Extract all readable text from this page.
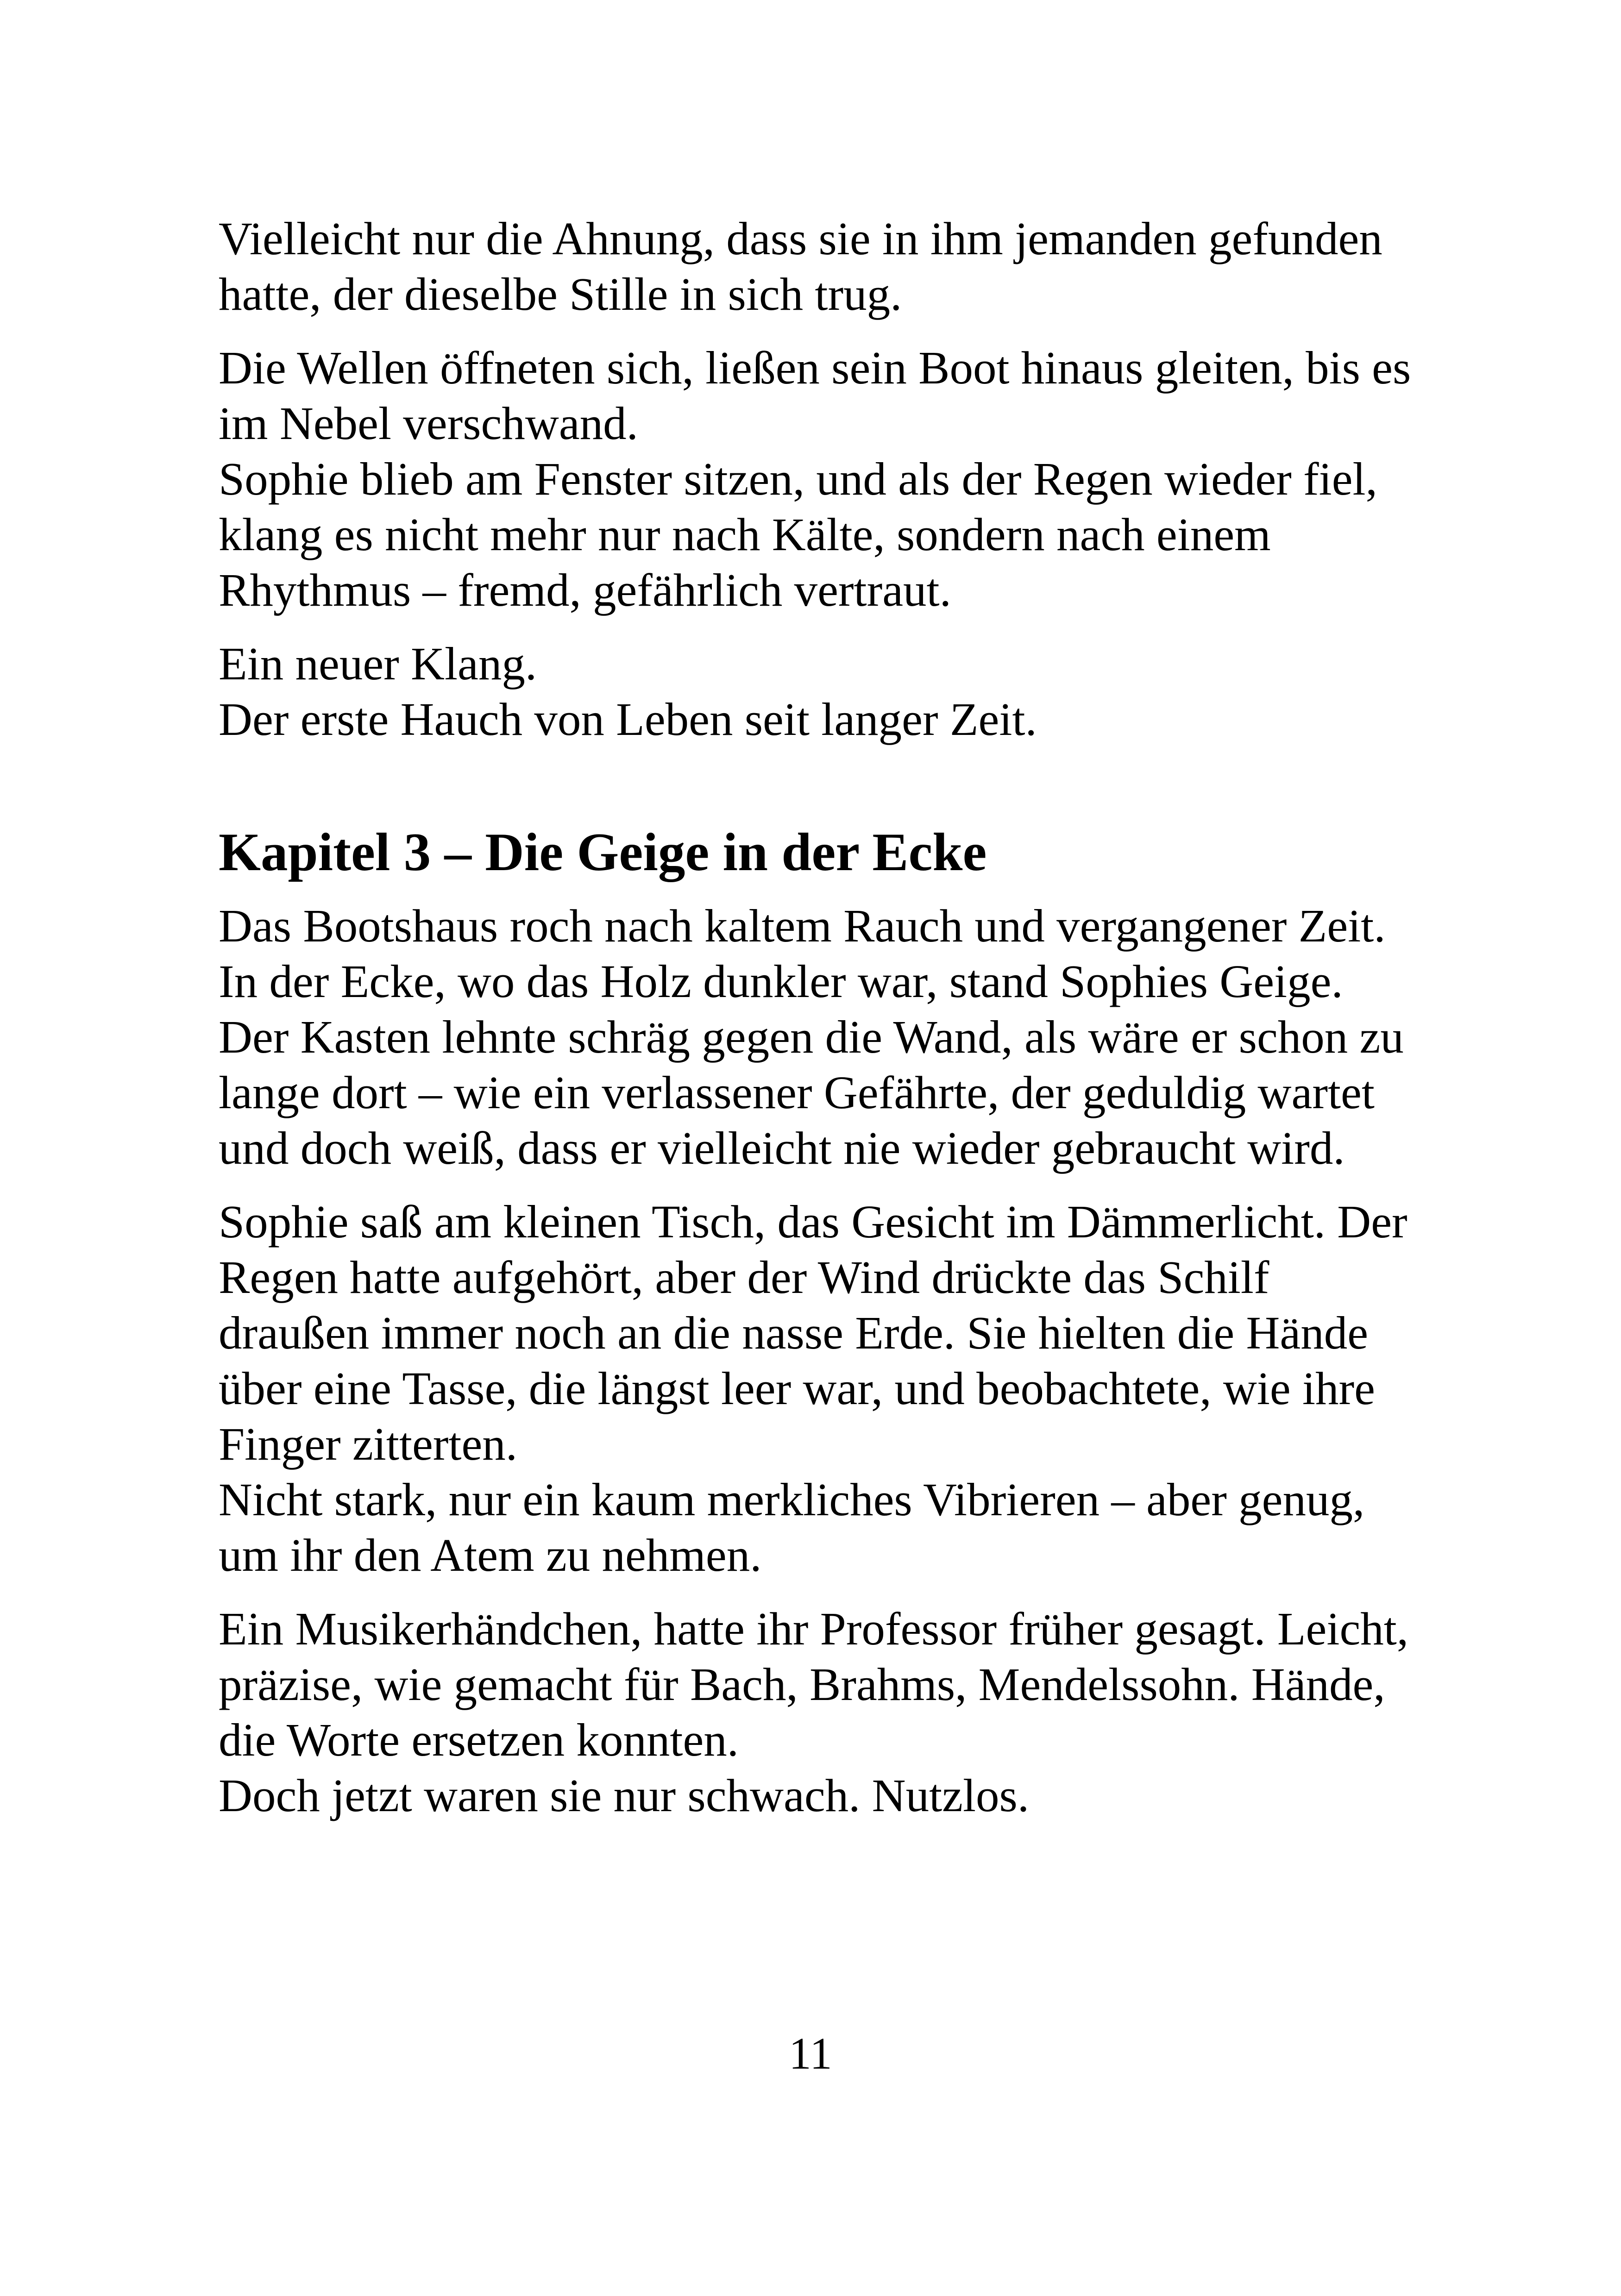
Vielleicht nur die Ahnung, dass sie in ihm jemanden gefunden
hatte, der dieselbe Stille in sich trug.

Die Wellen öffneten sich, ließen sein Boot hinaus gleiten, bis es
im Nebel verschwand.
Sophie blieb am Fenster sitzen, und als der Regen wieder fiel,
klang es nicht mehr nur nach Kälte, sondern nach einem
Rhythmus – fremd, gefährlich vertraut.

Ein neuer Klang.
Der erste Hauch von Leben seit langer Zeit.

Kapitel 3 – Die Geige in der Ecke

Das Bootshaus roch nach kaltem Rauch und vergangener Zeit.
In der Ecke, wo das Holz dunkler war, stand Sophies Geige.
Der Kasten lehnte schräg gegen die Wand, als wäre er schon zu
lange dort – wie ein verlassener Gefährte, der geduldig wartet
und doch weiß, dass er vielleicht nie wieder gebraucht wird.

Sophie saß am kleinen Tisch, das Gesicht im Dämmerlicht. Der
Regen hatte aufgehört, aber der Wind drückte das Schilf
draußen immer noch an die nasse Erde. Sie hielten die Hände
über eine Tasse, die längst leer war, und beobachtete, wie ihre
Finger zitterten.
Nicht stark, nur ein kaum merkliches Vibrieren – aber genug,
um ihr den Atem zu nehmen.

Ein Musikerhändchen, hatte ihr Professor früher gesagt. Leicht,
präzise, wie gemacht für Bach, Brahms, Mendelssohn. Hände,
die Worte ersetzen konnten.
Doch jetzt waren sie nur schwach. Nutzlos.

11
